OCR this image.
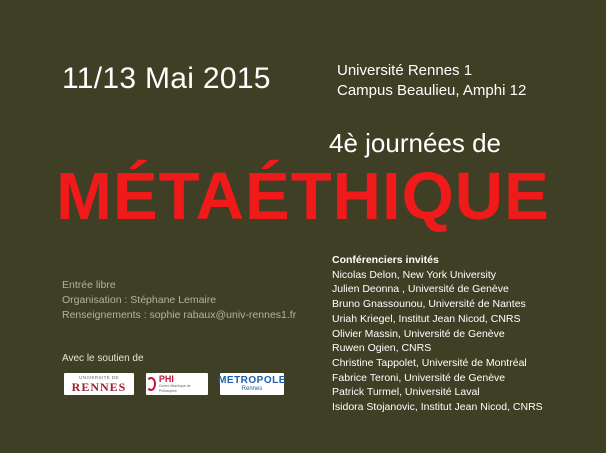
11/13 Mai 2015	Université Rennes 1
Campus Beaulieu, Amphi 12
4è journées de
MÉTAÉTHIQUE
Entrée libre
Organisation : Stéphane Lemaire
Renseignements : sophie rabaux@univ-rennes1.fr
Avec le soutien de
UNIVERSITÉ DE
RENNES
PHI
Centre Atlantique de Philosophie
METROPOLE
Rennes
Conférenciers invités
Nicolas Delon, New York University
Julien Deonna , Université de Genève
Bruno Gnassounou, Université de Nantes
Uriah Kriegel, Institut Jean Nicod, CNRS
Olivier Massin, Université de Genève
Ruwen Ogien, CNRS
Christine Tappolet, Université de Montréal
Fabrice Teroni, Université de Genève
Patrick Turmel, Université Laval
Isidora Stojanovic, Institut Jean Nicod, CNRS
